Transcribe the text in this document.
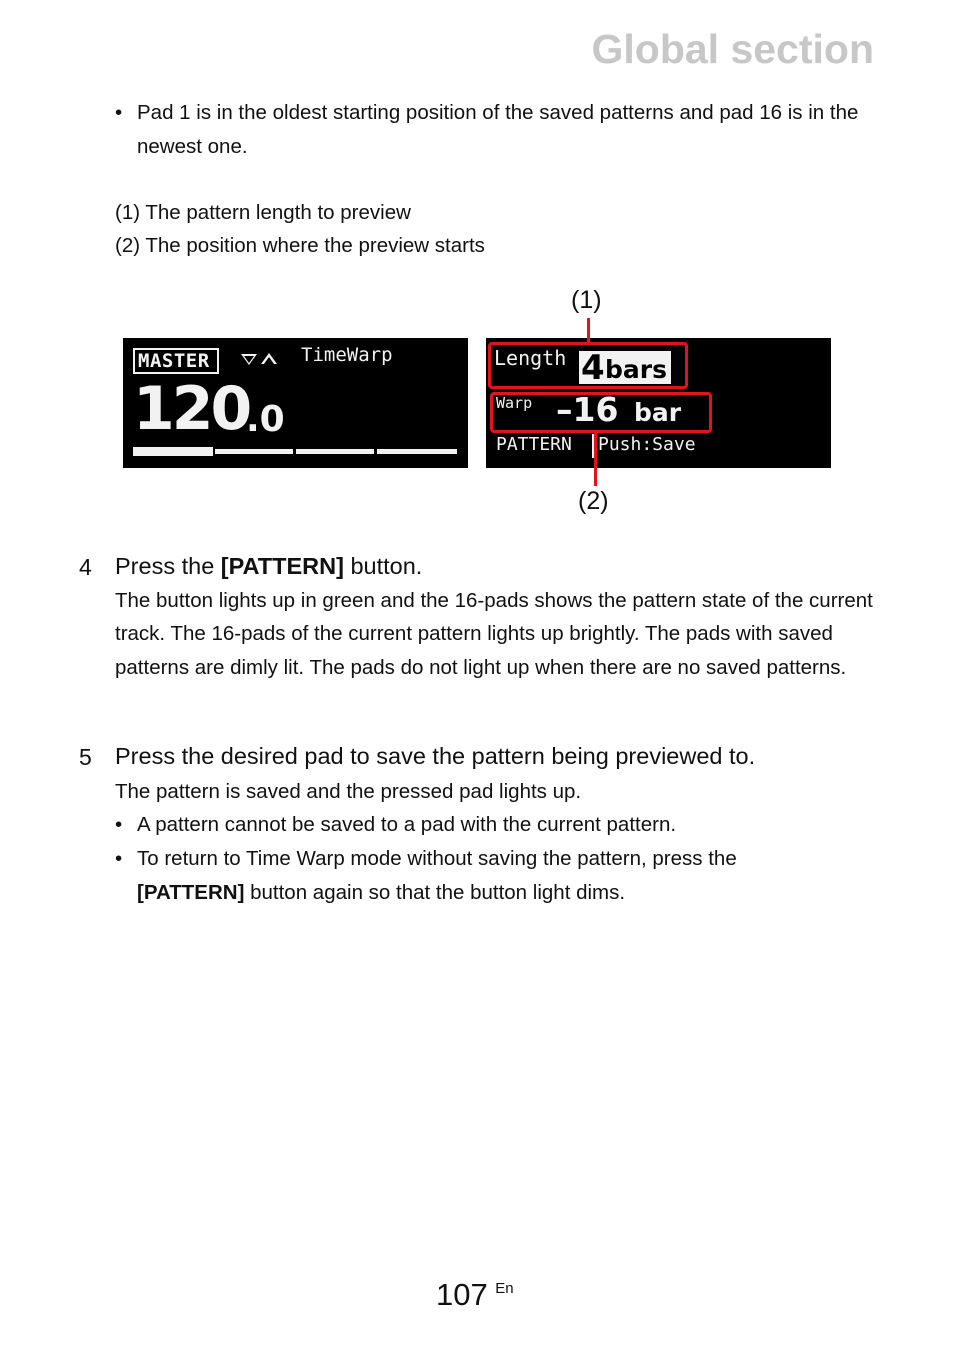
Global section
• Pad 1 is in the oldest starting position of the saved patterns and pad 16 is in the newest one.
(1) The pattern length to preview
(2) The position where the preview starts
MASTER	TimeWarp
120
.0
Length 4 bars
Warp –16 bar
PATTERN Push:Save
(1)
(2)
4 Press the [PATTERN] button.
The button lights up in green and the 16-pads shows the pattern state of the current track. The 16-pads of the current pattern lights up brightly. The pads with saved patterns are dimly lit. The pads do not light up when there are no saved patterns.
5 Press the desired pad to save the pattern being previewed to.
The pattern is saved and the pressed pad lights up.
• A pattern cannot be saved to a pad with the current pattern.
• To return to Time Warp mode without saving the pattern, press the
[PATTERN] button again so that the button light dims.
107 En
